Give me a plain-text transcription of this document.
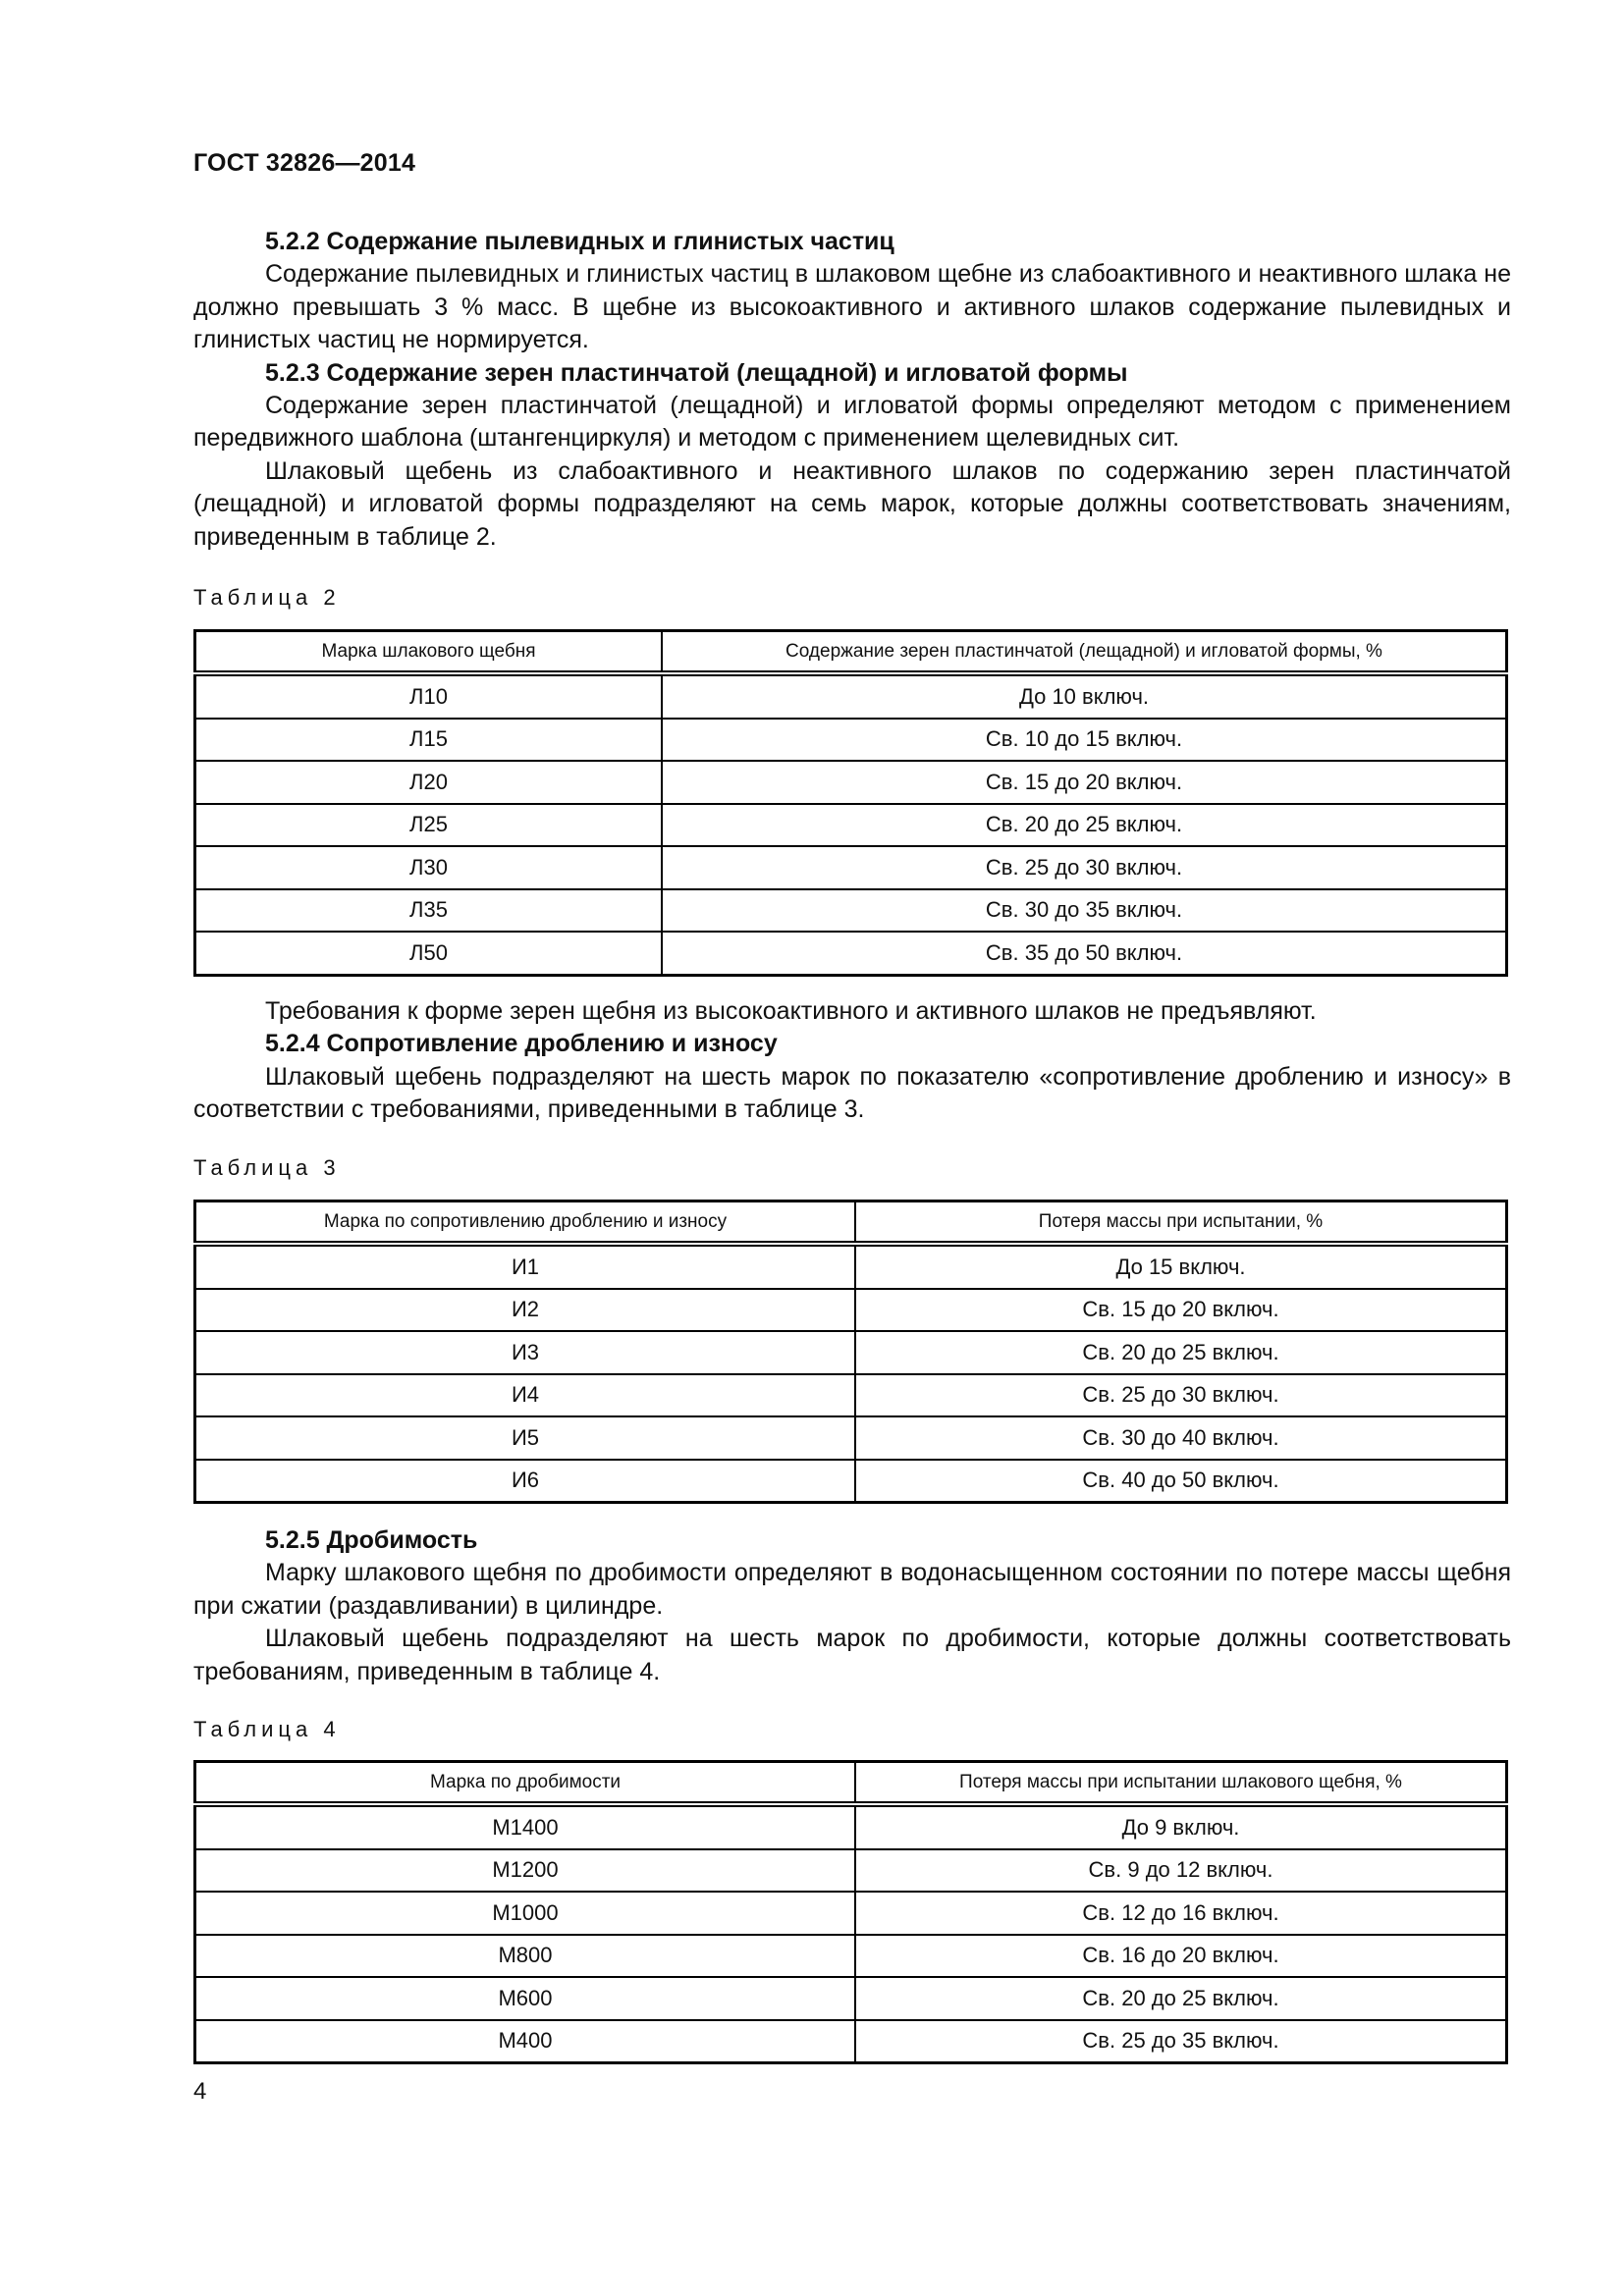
ГОСТ 32826—2014

5.2.2 Содержание пылевидных и глинистых частиц

Содержание пылевидных и глинистых частиц в шлаковом щебне из слабоактивного и неактивного шлака не должно превышать 3 % масс. В щебне из высокоактивного и активного шлаков содержание пылевидных и глинистых частиц не нормируется.

5.2.3 Содержание зерен пластинчатой (лещадной) и игловатой формы

Содержание зерен пластинчатой (лещадной) и игловатой формы определяют методом с применением передвижного шаблона (штангенциркуля) и методом с применением щелевидных сит.

Шлаковый щебень из слабоактивного и неактивного шлаков по содержанию зерен пластинчатой (лещадной) и игловатой формы подразделяют на семь марок, которые должны соответствовать значениям, приведенным в таблице 2.

Таблица 2
Марка шлакового щебня	Содержание зерен пластинчатой (лещадной) и игловатой формы, %
Л10	До 10 включ.
Л15	Св. 10 до 15 включ.
Л20	Св. 15 до 20 включ.
Л25	Св. 20 до 25 включ.
Л30	Св. 25 до 30 включ.
Л35	Св. 30 до 35 включ.
Л50	Св. 35 до 50 включ.

Требования к форме зерен щебня из высокоактивного и активного шлаков не предъявляют.

5.2.4 Сопротивление дроблению и износу

Шлаковый щебень подразделяют на шесть марок по показателю «сопротивление дроблению и износу» в соответствии с требованиями, приведенными в таблице 3.

Таблица 3
Марка по сопротивлению дроблению и износу	Потеря массы при испытании, %
И1	До 15 включ.
И2	Св. 15 до 20 включ.
И3	Св. 20 до 25 включ.
И4	Св. 25 до 30 включ.
И5	Св. 30 до 40 включ.
И6	Св. 40 до 50 включ.

5.2.5 Дробимость

Марку шлакового щебня по дробимости определяют в водонасыщенном состоянии по потере массы щебня при сжатии (раздавливании) в цилиндре.

Шлаковый щебень подразделяют на шесть марок по дробимости, которые должны соответствовать требованиям, приведенным в таблице 4.

Таблица 4
Марка по дробимости	Потеря массы при испытании шлакового щебня, %
М1400	До 9 включ.
М1200	Св. 9 до 12 включ.
М1000	Св. 12 до 16 включ.
М800	Св. 16 до 20 включ.
М600	Св. 20 до 25 включ.
М400	Св. 25 до 35 включ.
4
